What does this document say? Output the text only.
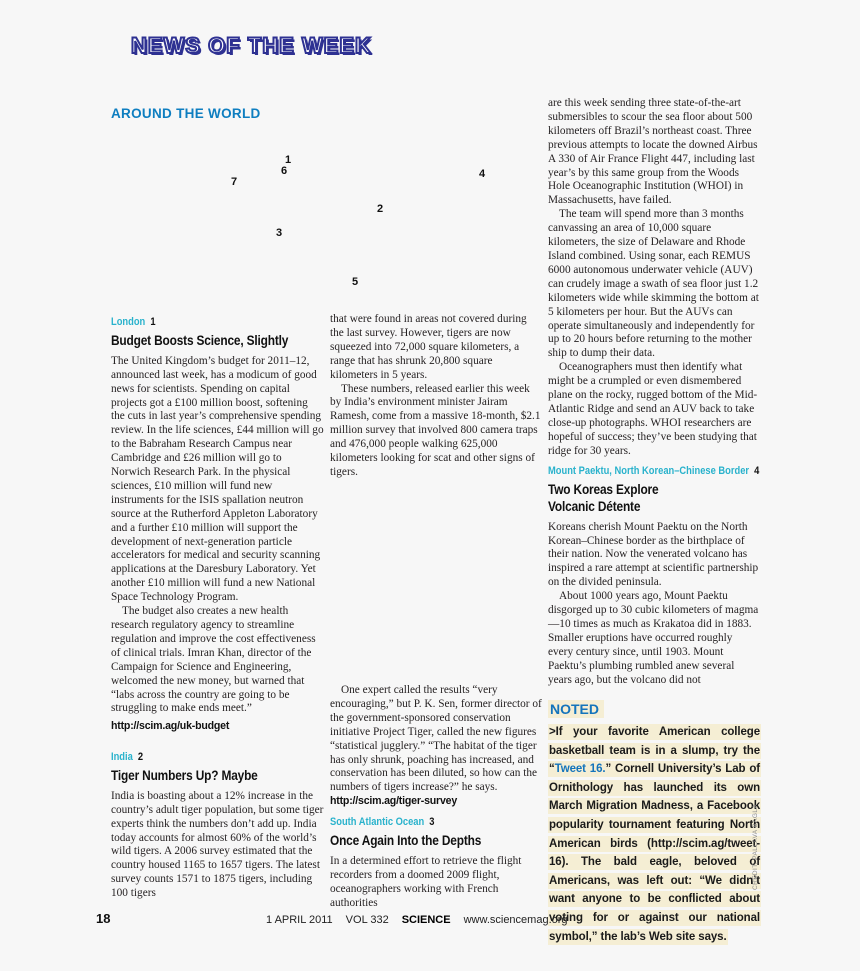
NEWS OF THE WEEK
AROUND THE WORLD
1
6
7
4
2
3
5
London 1
Budget Boosts Science, Slightly

The United Kingdom’s budget for 2011–12, announced last week, has a modicum of good news for scientists. Spending on capital projects got a £100 million boost, softening the cuts in last year’s comprehensive spending review. In the life sciences, £44 million will go to the Babraham Research Campus near Cambridge and £26 million will go to Norwich Research Park. In the physical sciences, £10 million will fund new instruments for the ISIS spallation neutron source at the Rutherford Appleton Laboratory and a further £10 million will support the development of next-generation particle accelerators for medical and security scanning applications at the Daresbury Laboratory. Yet another £10 million will fund a new National Space Technology Program.

The budget also creates a new health research regulatory agency to streamline regulation and improve the cost effectiveness of clinical trials. Imran Khan, director of the Campaign for Science and Engineering, welcomed the new money, but warned that “labs across the country are going to be struggling to make ends meet.”

http://scim.ag/uk-budget
India 2
Tiger Numbers Up? Maybe

India is boasting about a 12% increase in the country’s adult tiger population, but some tiger experts think the numbers don’t add up. India today accounts for almost 60% of the world’s wild tigers. A 2006 survey estimated that the country housed 1165 to 1657 tigers. The latest survey counts 1571 to 1875 tigers, including 100 tigers

that were found in areas not covered during the last survey. However, tigers are now squeezed into 72,000 square kilometers, a range that has shrunk 20,800 square kilometers in 5 years.

These numbers, released earlier this week by India’s environment minister Jairam Ramesh, come from a massive 18-month, $2.1 million survey that involved 800 camera traps and 476,000 people walking 625,000 kilometers looking for scat and other signs of tigers.

One expert called the results “very encouraging,” but P. K. Sen, former director of the government-sponsored conservation initiative Project Tiger, called the new figures “statistical jugglery.” “The habitat of the tiger has only shrunk, poaching has increased, and conservation has been diluted, so how can the numbers of tigers increase?” he says. http://scim.ag/tiger-survey

South Atlantic Ocean 3
Once Again Into the Depths

In a determined effort to retrieve the flight recorders from a doomed 2009 flight, oceanographers working with French authorities

are this week sending three state-of-the-art submersibles to scour the sea floor about 500 kilometers off Brazil’s northeast coast. Three previous attempts to locate the downed Airbus A 330 of Air France Flight 447, including last year’s by this same group from the Woods Hole Oceanographic Institution (WHOI) in Massachusetts, have failed.

The team will spend more than 3 months canvassing an area of 10,000 square kilometers, the size of Delaware and Rhode Island combined. Using sonar, each REMUS 6000 autonomous underwater vehicle (AUV) can crudely image a swath of sea floor just 1.2 kilometers wide while skimming the bottom at 5 kilometers per hour. But the AUVs can operate simultaneously and independently for up to 20 hours before returning to the mother ship to dump their data.

Oceanographers must then identify what might be a crumpled or even dismembered plane on the rocky, rugged bottom of the Mid-Atlantic Ridge and send an AUV back to take close-up photographs. WHOI researchers are hopeful of success; they’ve been studying that ridge for 30 years.

Mount Paektu, North Korean–Chinese Border 4
Two Koreas Explore
Volcanic Détente

Koreans cherish Mount Paektu on the North Korean–Chinese border as the birthplace of their nation. Now the venerated volcano has inspired a rare attempt at scientific partnership on the divided peninsula.

About 1000 years ago, Mount Paektu disgorged up to 30 cubic kilometers of magma—10 times as much as Krakatoa did in 1883. Smaller eruptions have occurred roughly every century since, until 1903. Mount Paektu’s plumbing rumbled anew several years ago, but the volcano did not

NOTED
>If your favorite American college basketball team is in a slump, try the “Tweet 16.” Cornell University’s Lab of Ornithology has launched its own March Migration Madness, a Facebook popularity tournament featuring North American birds (http://scim.ag/tweet-16). The bald eagle, beloved of Americans, was left out: “We didn’t want anyone to be conflicted about voting for or against our national symbol,” the lab’s Web site says.
18	1 APRIL 2011 VOL 332 SCIENCE www.sciencemag.org
CREDIT: PALLAVA BAGLA
